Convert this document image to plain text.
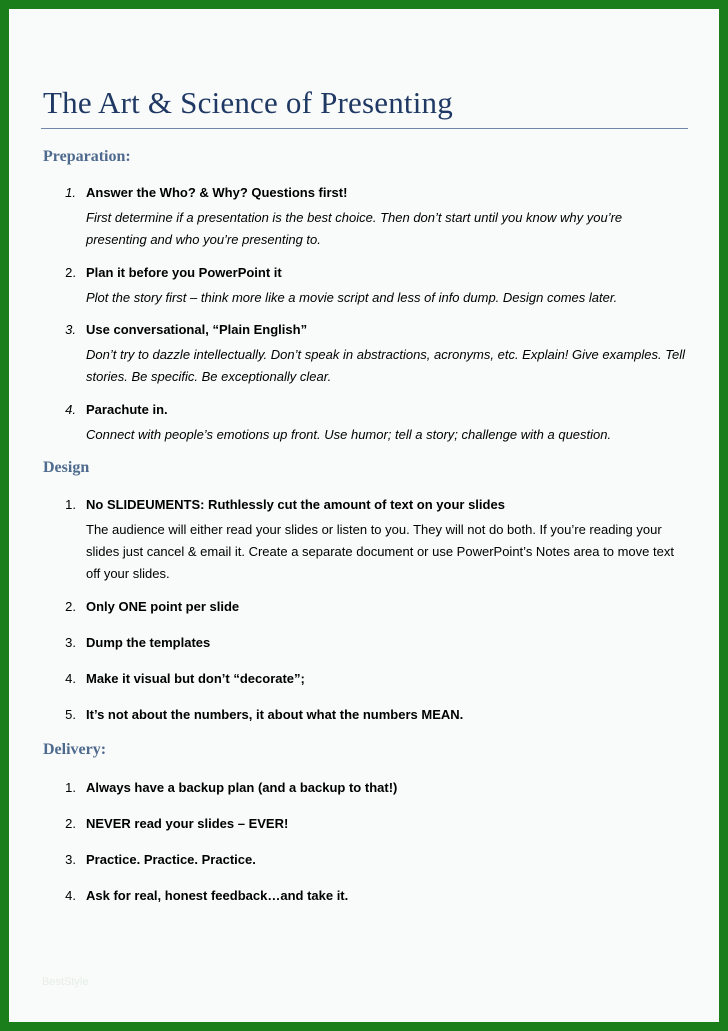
The Art & Science of Presenting
Preparation:
1. Answer the Who? & Why? Questions first!
First determine if a presentation is the best choice. Then don’t start until you know why you’re presenting and who you’re presenting to.
2. Plan it before you PowerPoint it
Plot the story first – think more like a movie script and less of info dump. Design comes later.
3. Use conversational, “Plain English”
Don’t try to dazzle intellectually. Don’t speak in abstractions, acronyms, etc. Explain! Give examples. Tell stories. Be specific. Be exceptionally clear.
4. Parachute in.
Connect with people’s emotions up front. Use humor; tell a story; challenge with a question.
Design
1. No SLIDEUMENTS: Ruthlessly cut the amount of text on your slides
The audience will either read your slides or listen to you. They will not do both. If you’re reading your slides just cancel & email it. Create a separate document or use PowerPoint’s Notes area to move text off your slides.
2. Only ONE point per slide
3. Dump the templates
4. Make it visual but don’t “decorate”;
5. It’s not about the numbers, it about what the numbers MEAN.
Delivery:
1. Always have a backup plan (and a backup to that!)
2. NEVER read your slides – EVER!
3. Practice. Practice. Practice.
4. Ask for real, honest feedback…and take it.
BestStyle
